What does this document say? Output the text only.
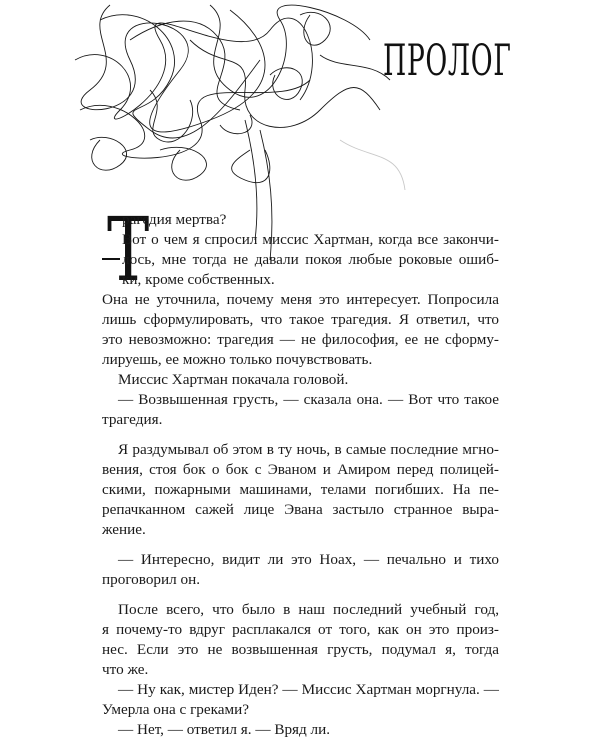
ПРОЛОГ
Т
рагедия мертва?
Вот о чем я спросил миссис Хартман, когда все закончи-
лось, мне тогда не давали покоя любые роковые ошиб-
ки, кроме собственных.
Она не уточнила, почему меня это интересует. Попросила
лишь сформулировать, что такое трагедия. Я ответил, что
это невозможно: трагедия — не философия, ее не сформу-
лируешь, ее можно только почувствовать.
Миссис Хартман покачала головой.
— Возвышенная грусть, — сказала она. — Вот что такое
трагедия.
Я раздумывал об этом в ту ночь, в самые последние мгно-
вения, стоя бок о бок с Эваном и Амиром перед полицей-
скими, пожарными машинами, телами погибших. На пе-
репачканном сажей лице Эвана застыло странное выра-
жение.
— Интересно, видит ли это Ноах, — печально и тихо
проговорил он.
После всего, что было в наш последний учебный год,
я почему-то вдруг расплакался от того, как он это произ-
нес. Если это не возвышенная грусть, подумал я, тогда
что же.
— Ну как, мистер Иден? — Миссис Хартман моргнула. —
Умерла она с греками?
— Нет, — ответил я. — Вряд ли.
